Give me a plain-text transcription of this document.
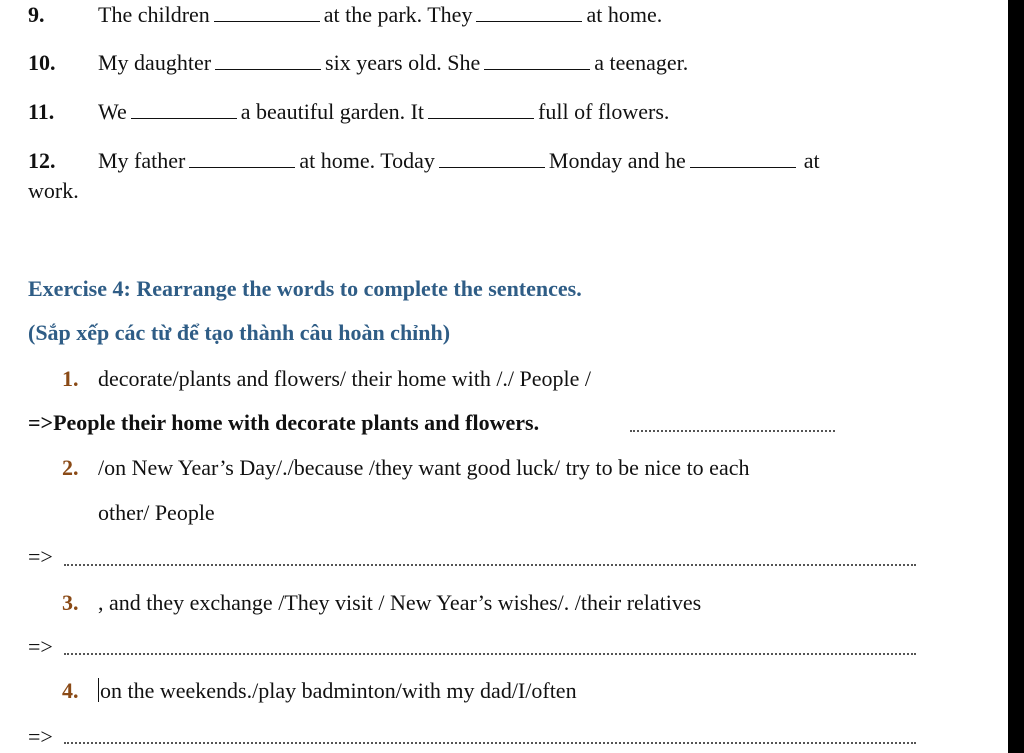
9. The children	at the park. They	at home.
10. My daughter	six years old. She	a teenager.
11. We	a beautiful garden. It	full of flowers.
12. My father	at home. Today	Monday and he	at
work.
Exercise 4: Rearrange the words to complete the sentences.
(Sắp xếp các từ để tạo thành câu hoàn chỉnh)
1. decorate/plants and flowers/ their home with /./ People /
=>People their home with decorate plants and flowers.
2. /on New Year’s Day/./because /they want good luck/ try to be nice to each
other/ People
=>
3. , and they exchange /They visit / New Year’s wishes/. /their relatives
=>
4. on the weekends./play badminton/with my dad/I/often
=>
